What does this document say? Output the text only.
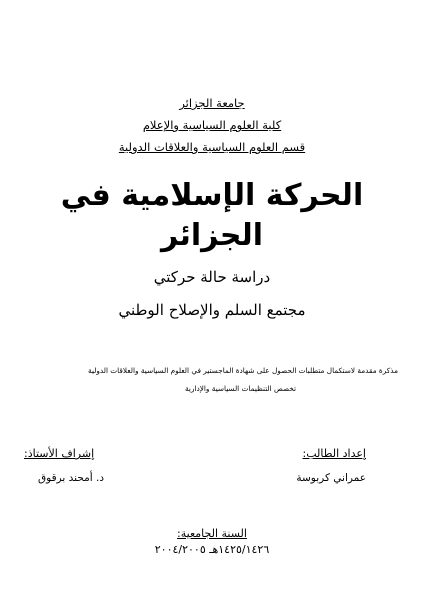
جامعة الجزائر
كلية العلوم السياسية والإعلام
قسم العلوم السياسية والعلاقات الدولية
الحركة الإسلامية في
الجزائر
دراسة حالة حركتي
مجتمع السلم والإصلاح الوطني
مذكرة مقدمة لاستكمال متطلبات الحصول على شهادة الماجستير في العلوم السياسية والعلاقات الدولية
تخصص التنظيمات السياسية والإدارية
إعداد الطالب:
عمراني كربوسة
إشراف الأستاذ:
د. أمحند برقوق
السنة الجامعية:
١٤٢٥/١٤٢٦هـ ٢٠٠٤/٢٠٠٥
